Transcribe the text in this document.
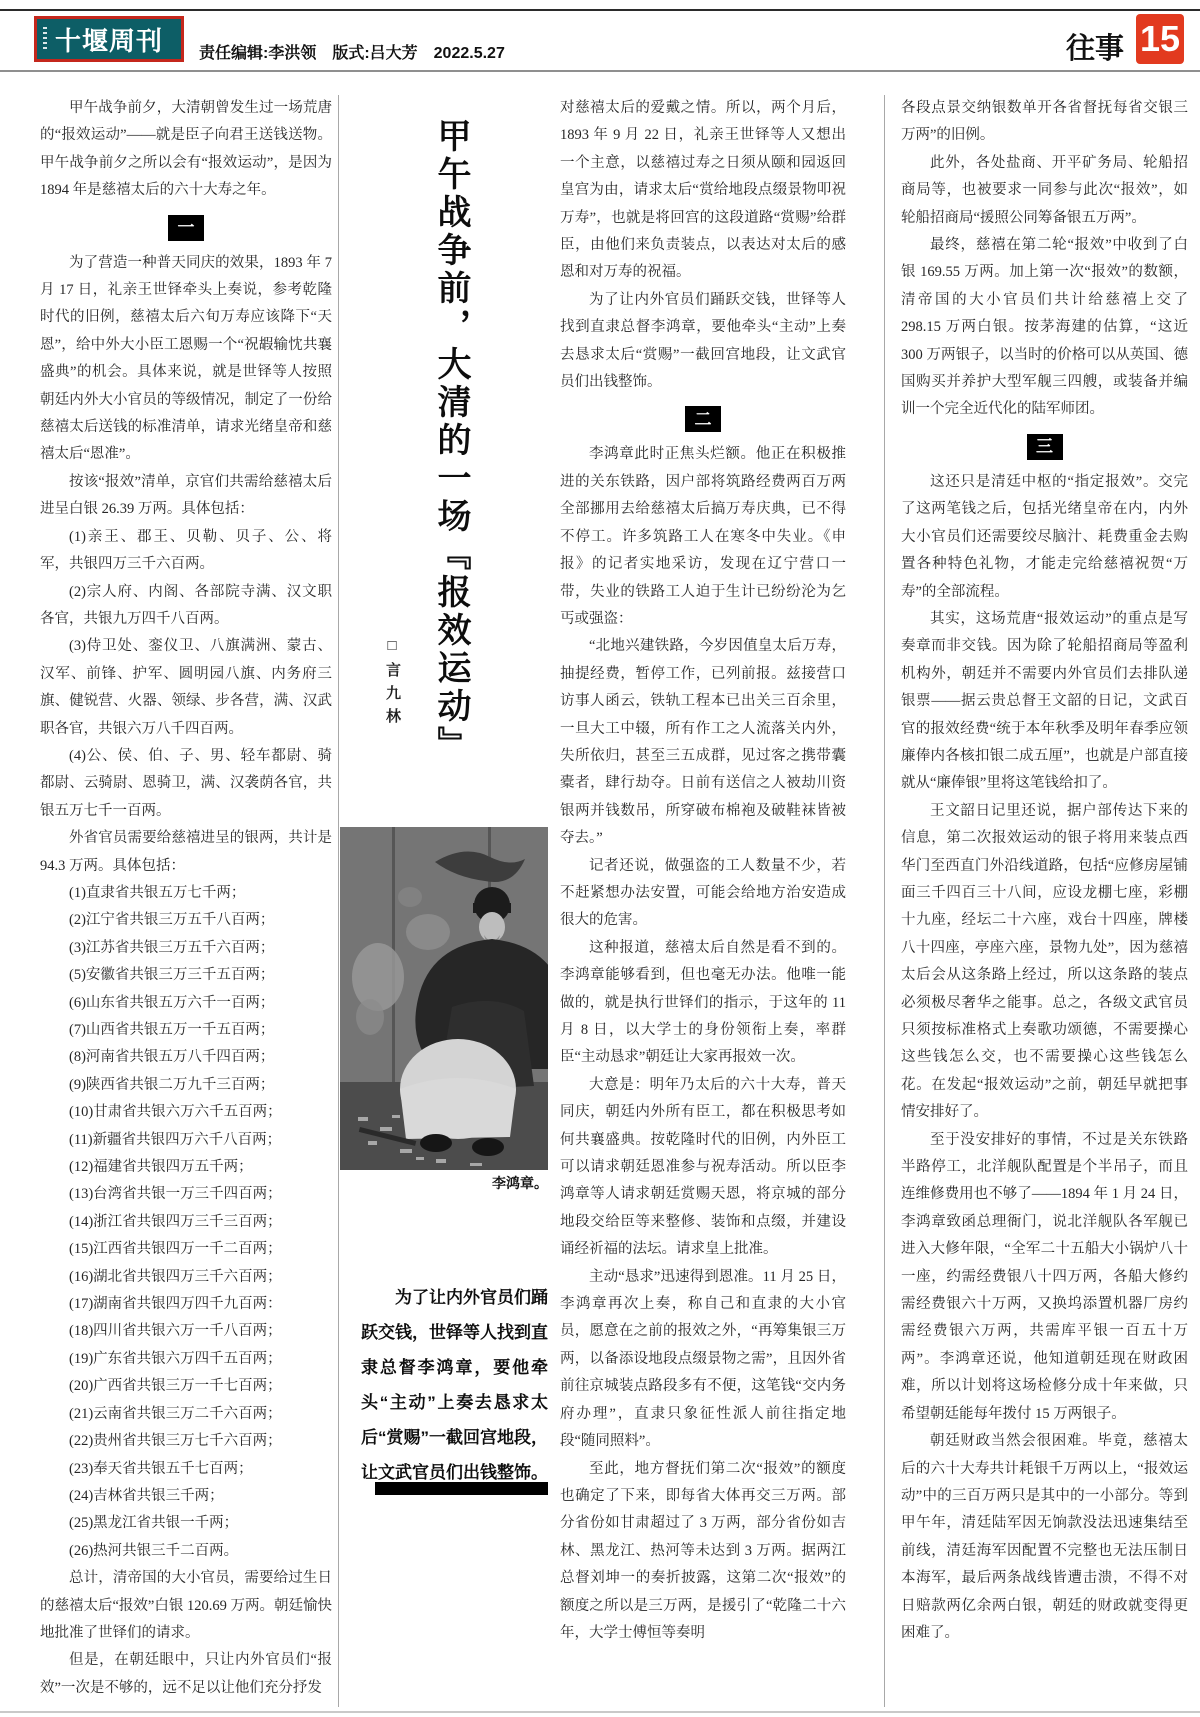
十堰周刊 责任编辑:李洪领　版式:吕大芳　2022.5.27	往事 15

甲午战争前夕，大清朝曾发生过一场荒唐的“报效运动”——就是臣子向君王送钱送物。甲午战争前夕之所以会有“报效运动”，是因为 1894 年是慈禧太后的六十大寿之年。

一

为了营造一种普天同庆的效果，1893 年 7 月 17 日，礼亲王世铎牵头上奏说，参考乾隆时代的旧例，慈禧太后六旬万寿应该降下“天恩”，给中外大小臣工恩赐一个“祝嘏输忱共襄盛典”的机会。具体来说，就是世铎等人按照朝廷内外大小官员的等级情况，制定了一份给慈禧太后送钱的标准清单，请求光绪皇帝和慈禧太后“恩准”。

按该“报效”清单，京官们共需给慈禧太后进呈白银 26.39 万两。具体包括：

(1)亲王、郡王、贝勒、贝子、公、将军，共银四万三千六百两。

(2)宗人府、内阁、各部院寺满、汉文职各官，共银九万四千八百两。

(3)侍卫处、銮仪卫、八旗满洲、蒙古、汉军、前锋、护军、圆明园八旗、内务府三旗、健锐营、火器、领绿、步各营，满、汉武职各官，共银六万八千四百两。

(4)公、侯、伯、子、男、轻车都尉、骑都尉、云骑尉、恩骑卫，满、汉袭荫各官，共银五万七千一百两。

外省官员需要给慈禧进呈的银两，共计是 94.3 万两。具体包括：

(1)直隶省共银五万七千两；

(2)江宁省共银三万五千八百两；

(3)江苏省共银三万五千六百两；

(5)安徽省共银三万三千五百两；

(6)山东省共银五万六千一百两；

(7)山西省共银五万一千五百两；

(8)河南省共银五万八千四百两；

(9)陕西省共银二万九千三百两；

(10)甘肃省共银六万六千五百两；

(11)新疆省共银四万六千八百两；

(12)福建省共银四万五千两；

(13)台湾省共银一万三千四百两；

(14)浙江省共银四万三千三百两；

(15)江西省共银四万一千二百两；

(16)湖北省共银四万三千六百两；

(17)湖南省共银四万四千九百两：

(18)四川省共银六万一千八百两；

(19)广东省共银六万四千五百两；

(20)广西省共银三万一千七百两；

(21)云南省共银三万二千六百两；

(22)贵州省共银三万七千六百两；

(23)奉天省共银五千七百两；

(24)吉林省共银三千两；

(25)黑龙江省共银一千两；

(26)热河共银三千二百两。

总计，清帝国的大小官员，需要给过生日的慈禧太后“报效”白银 120.69 万两。朝廷愉快地批准了世铎们的请求。

但是，在朝廷眼中，只让内外官员们“报效”一次是不够的，远不足以让他们充分抒发

对慈禧太后的爱戴之情。所以，两个月后，1893 年 9 月 22 日，礼亲王世铎等人又想出一个主意，以慈禧过寿之日须从颐和园返回皇宫为由，请求太后“赏给地段点缀景物叩祝万寿”，也就是将回宫的这段道路“赏赐”给群臣，由他们来负责装点，以表达对太后的感恩和对万寿的祝福。

为了让内外官员们踊跃交钱，世铎等人找到直隶总督李鸿章，要他牵头“主动”上奏去恳求太后“赏赐”一截回宫地段，让文武官员们出钱整饰。

二

李鸿章此时正焦头烂额。他正在积极推进的关东铁路，因户部将筑路经费两百万两全部挪用去给慈禧太后搞万寿庆典，已不得不停工。许多筑路工人在寒冬中失业。《申报》的记者实地采访，发现在辽宁营口一带，失业的铁路工人迫于生计已纷纷沦为乞丐或强盗：

“北地兴建铁路，今岁因值皇太后万寿，抽提经费，暂停工作，已列前报。兹接营口访事人函云，铁轨工程本已出关三百余里，一旦大工中辍，所有作工之人流落关内外，失所依归，甚至三五成群，见过客之携带囊橐者，肆行劫夺。日前有送信之人被劫川资银两并钱数吊，所穿破布棉袍及破鞋袜皆被夺去。”

记者还说，做强盗的工人数量不少，若不赶紧想办法安置，可能会给地方治安造成很大的危害。

这种报道，慈禧太后自然是看不到的。李鸿章能够看到，但也毫无办法。他唯一能做的，就是执行世铎们的指示，于这年的 11 月 8 日，以大学士的身份领衔上奏，率群臣“主动恳求”朝廷让大家再报效一次。

大意是：明年乃太后的六十大寿，普天同庆，朝廷内外所有臣工，都在积极思考如何共襄盛典。按乾隆时代的旧例，内外臣工可以请求朝廷恩准参与祝寿活动。所以臣李鸿章等人请求朝廷赏赐天恩，将京城的部分地段交给臣等来整修、装饰和点缀，并建设诵经祈福的法坛。请求皇上批准。

主动“恳求”迅速得到恩准。11 月 25 日，李鸿章再次上奏，称自己和直隶的大小官员，愿意在之前的报效之外，“再筹集银三万两，以备添设地段点缀景物之需”，且因外省前往京城装点路段多有不便，这笔钱“交内务府办理”，直隶只象征性派人前往指定地段“随同照料”。

至此，地方督抚们第二次“报效”的额度也确定了下来，即每省大体再交三万两。部分省份如甘肃超过了 3 万两，部分省份如吉林、黑龙江、热河等未达到 3 万两。据两江总督刘坤一的奏折披露，这第二次“报效”的额度之所以是三万两，是援引了“乾隆二十六年，大学士傅恒等奏明

各段点景交纳银数单开各省督抚每省交银三万两”的旧例。

此外，各处盐商、开平矿务局、轮船招商局等，也被要求一同参与此次“报效”，如轮船招商局“援照公同筹备银五万两”。

最终，慈禧在第二轮“报效”中收到了白银 169.55 万两。加上第一次“报效”的数额，清帝国的大小官员们共计给慈禧上交了 298.15 万两白银。按茅海建的估算，“这近 300 万两银子，以当时的价格可以从英国、德国购买并养护大型军舰三四艘，或装备并编训一个完全近代化的陆军师团。

三

这还只是清廷中枢的“指定报效”。交完了这两笔钱之后，包括光绪皇帝在内，内外大小官员们还需要绞尽脑汁、耗费重金去购置各种特色礼物，才能走完给慈禧祝贺“万寿”的全部流程。

其实，这场荒唐“报效运动”的重点是写奏章而非交钱。因为除了轮船招商局等盈利机构外，朝廷并不需要内外官员们去排队递银票——据云贵总督王文韶的日记，文武百官的报效经费“统于本年秋季及明年春季应领廉俸内各核扣银二成五厘”，也就是户部直接就从“廉俸银”里将这笔钱给扣了。

王文韶日记里还说，据户部传达下来的信息，第二次报效运动的银子将用来装点西华门至西直门外沿线道路，包括“应修房屋铺面三千四百三十八间，应设龙棚七座，彩棚十九座，经坛二十六座，戏台十四座，牌楼八十四座，亭座六座，景物九处”，因为慈禧太后会从这条路上经过，所以这条路的装点必须极尽奢华之能事。总之，各级文武官员只须按标准格式上奏歌功颂德，不需要操心这些钱怎么交，也不需要操心这些钱怎么花。在发起“报效运动”之前，朝廷早就把事情安排好了。

至于没安排好的事情，不过是关东铁路半路停工，北洋舰队配置是个半吊子，而且连维修费用也不够了——1894 年 1 月 24 日，李鸿章致函总理衙门，说北洋舰队各军舰已进入大修年限，“全军二十五船大小锅炉八十一座，约需经费银八十四万两，各船大修约需经费银六十万两，又换坞添置机器厂房约需经费银六万两，共需库平银一百五十万两”。李鸿章还说，他知道朝廷现在财政困难，所以计划将这场检修分成十年来做，只希望朝廷能每年拨付 15 万两银子。

朝廷财政当然会很困难。毕竟，慈禧太后的六十大寿共计耗银千万两以上，“报效运动”中的三百万两只是其中的一小部分。等到甲午年，清廷陆军因无饷款没法迅速集结至前线，清廷海军因配置不完整也无法压制日本海军，最后两条战线皆遭击溃，不得不对日赔款两亿余两白银，朝廷的财政就变得更困难了。

甲午战争前，大清的一场『报效运动』
□言九林
李鸿章。
为了让内外官员们踊跃交钱，世铎等人找到直隶总督李鸿章，要他牵头“主动”上奏去恳求太后“赏赐”一截回宫地段，让文武官员们出钱整饰。
